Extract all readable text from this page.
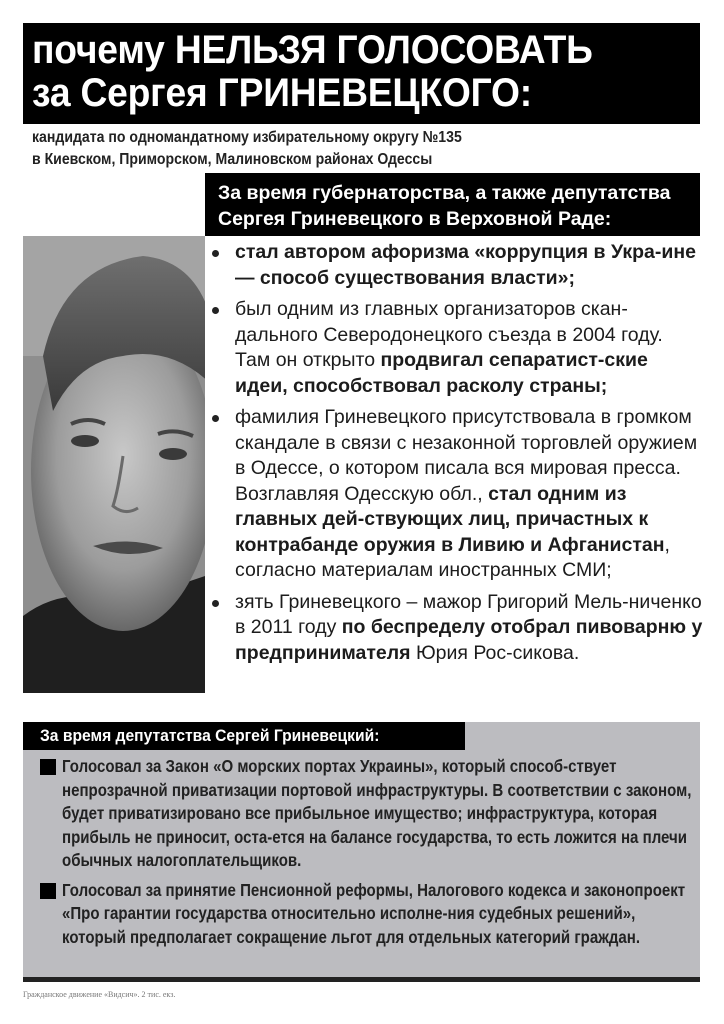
почему НЕЛЬЗЯ ГОЛОСОВАТЬ
за Сергея ГРИНЕВЕЦКОГО:
кандидата по одномандатному избирательному округу №135
в Киевском, Приморском, Малиновском районах Одессы
За время губернаторства, а также депутатства
Сергея Гриневецкого в Верховной Раде:
стал автором афоризма «коррупция в Укра-ине — способ существования власти»;
был одним из главных организаторов скан-дального Северодонецкого съезда в 2004 году. Там он открыто продвигал сепаратист-ские идеи, способствовал расколу страны;
фамилия Гриневецкого присутствовала в громком скандале в связи с незаконной торговлей оружием в Одессе, о котором писала вся мировая пресса. Возглавляя Одесскую обл., стал одним из главных дей-ствующих лиц, причастных к контрабанде оружия в Ливию и Афганистан, согласно материалам иностранных СМИ;
зять Гриневецкого – мажор Григорий Мель-ниченко в 2011 году по беспределу отобрал пивоварню у предпринимателя Юрия Рос-сикова.
За время депутатства Сергей Гриневецкий:
Голосовал за Закон «О морских портах Украины», который способ-ствует непрозрачной приватизации портовой инфраструктуры. В соответствии с законом, будет приватизировано все прибыльное имущество; инфраструктура, которая прибыль не приносит, оста-ется на балансе государства, то есть ложится на плечи обычных налогоплательщиков.
Голосовал за принятие Пенсионной реформы, Налогового кодекса и законопроект «Про гарантии государства относительно исполне-ния судебных решений», который предполагает сокращение льгот для отдельных категорий граждан.
Гражданское движение «Видсич». 2 тис. екз.
